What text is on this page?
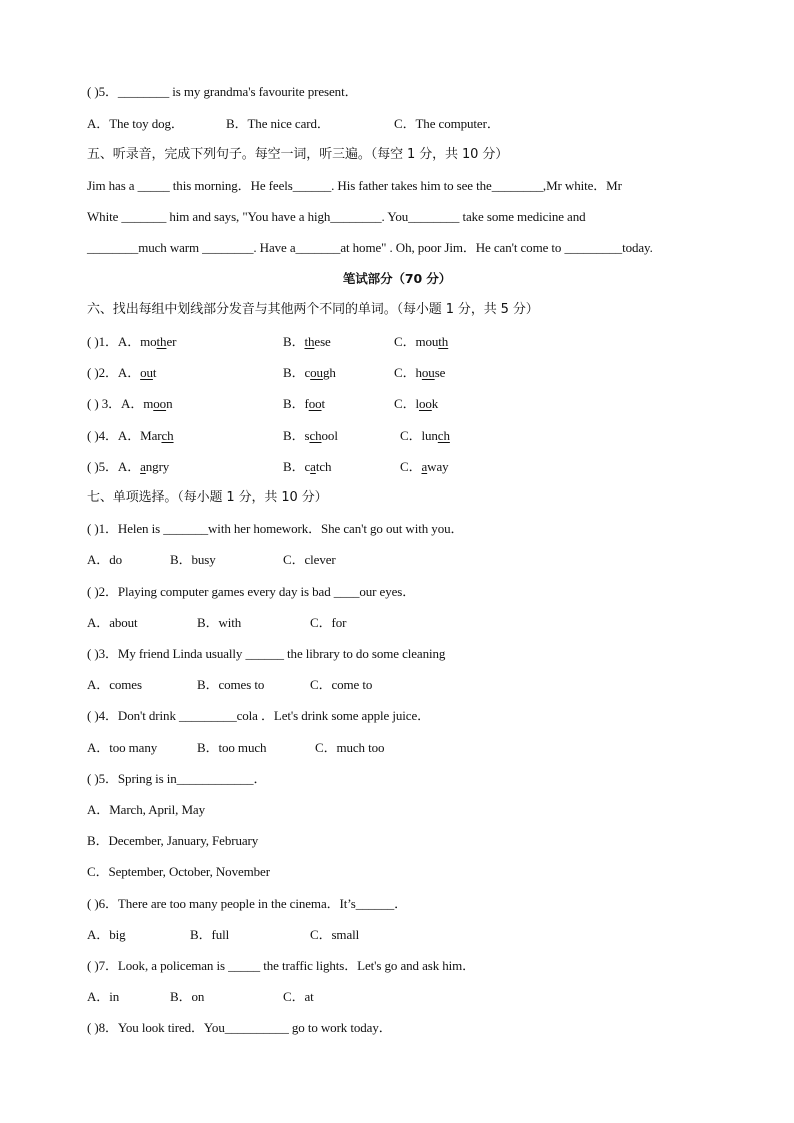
( )5．________ is my grandma's favourite present．
A．The toy dog．	B．The nice card．	C．The computer．
五、听录音，完成下列句子。每空一词，听三遍。（每空 1 分，共 10 分）
Jim has a _____ this morning．He feels______. His father takes him to see the________,Mr white．Mr
White _______ him and says, "You have a high________. You________ take some medicine and
________much warm ________. Have a_______at home" . Oh, poor Jim．He can't come to _________today.
笔试部分（70 分）
六、找出每组中划线部分发音与其他两个不同的单词。（每小题 1 分，共 5 分）
( )1．A．mother	B．these	C．mouth
( )2．A．out	B．cough	C．house
( ) 3．A．moon	B．foot	C．look
( )4．A．March	B．school	C．lunch
( )5．A．angry	B．catch	C．away
七、单项选择。（每小题 1 分，共 10 分）
( )1．Helen is _______with her homework．She can't go out with you．
A．do	B．busy	C．clever
( )2．Playing computer games every day is bad ____our eyes．
A．about	B．with	C．for
( )3．My friend Linda usually ______ the library to do some cleaning
A．comes	B．comes to	C．come to
( )4．Don't drink _________cola ．Let's drink some apple juice．
A．too many	B．too much	C．much too
( )5．Spring is in____________．
A．March, April, May
B．December, January, February
C．September, October, November
( )6．There are too many people in the cinema．It’s______．
A．big	B．full	C．small
( )7．Look, a policeman is _____ the traffic lights．Let's go and ask him．
A．in	B．on	C．at
( )8．You look tired．You__________ go to work today．
